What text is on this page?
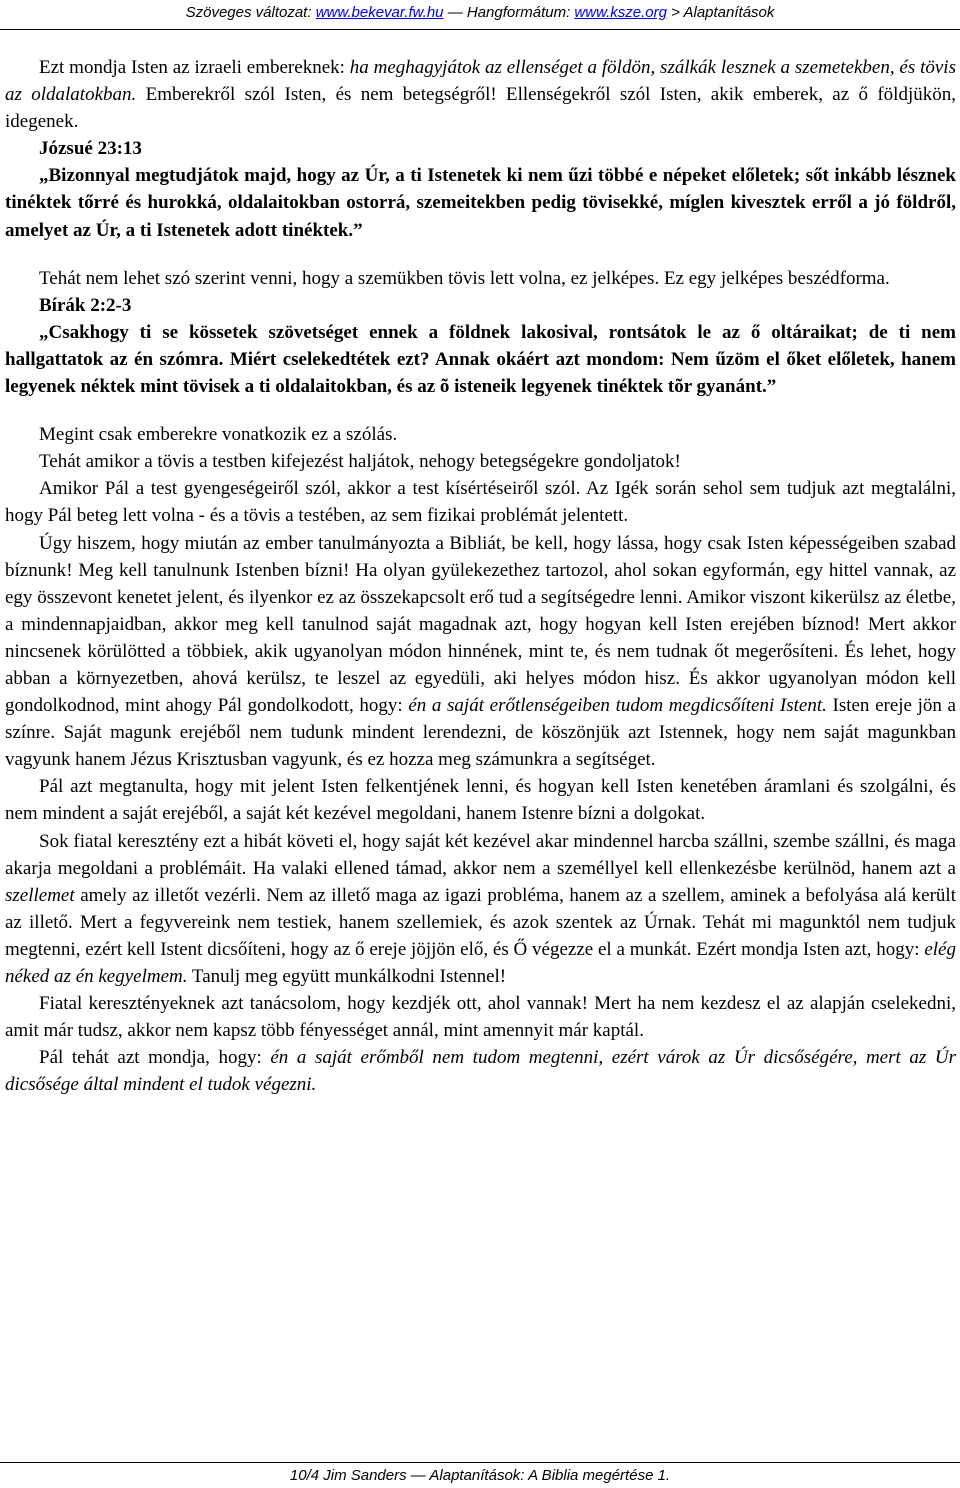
Szöveges változat: www.bekevar.fw.hu — Hangformátum: www.ksze.org > Alaptanítások

Ezt mondja Isten az izraeli embereknek: ha meghagyjátok az ellenséget a földön, szálkák lesznek a szemetekben, és tövis az oldalatokban. Emberekről szól Isten, és nem betegségről! Ellenségekről szól Isten, akik emberek, az ő földjükön, idegenek.

Józsué 23:13

„Bizonnyal megtudjátok majd, hogy az Úr, a ti Istenetek ki nem űzi többé e népeket előletek; sőt inkább lésznek tinéktek tőrré és hurokká, oldalaitokban ostorrá, szemeitekben pedig tövisekké, míglen kivesztek erről a jó földről, amelyet az Úr, a ti Istenetek adott tinéktek.”

Tehát nem lehet szó szerint venni, hogy a szemükben tövis lett volna, ez jelképes. Ez egy jelképes beszédforma.

Bírák 2:2-3

„Csakhogy ti se kössetek szövetséget ennek a földnek lakosival, rontsátok le az ő oltáraikat; de ti nem hallgattatok az én szómra. Miért cselekedtétek ezt? Annak okáért azt mondom: Nem űzöm el őket előletek, hanem legyenek néktek mint tövisek a ti oldalaitokban, és az õ isteneik legyenek tinéktek tõr gyanánt.”

Megint csak emberekre vonatkozik ez a szólás.

Tehát amikor a tövis a testben kifejezést haljátok, nehogy betegségekre gondoljatok!

Amikor Pál a test gyengeségeiről szól, akkor a test kísértéseiről szól. Az Igék során sehol sem tudjuk azt megtalálni, hogy Pál beteg lett volna - és a tövis a testében, az sem fizikai problémát jelentett.

Úgy hiszem, hogy miután az ember tanulmányozta a Bibliát, be kell, hogy lássa, hogy csak Isten képességeiben szabad bíznunk! Meg kell tanulnunk Istenben bízni! Ha olyan gyülekezethez tartozol, ahol sokan egyformán, egy hittel vannak, az egy összevont kenetet jelent, és ilyenkor ez az összekapcsolt erő tud a segítségedre lenni. Amikor viszont kikerülsz az életbe, a mindennapjaidban, akkor meg kell tanulnod saját magadnak azt, hogy hogyan kell Isten erejében bíznod! Mert akkor nincsenek körülötted a többiek, akik ugyanolyan módon hinnének, mint te, és nem tudnak őt megerősíteni. És lehet, hogy abban a környezetben, ahová kerülsz, te leszel az egyedüli, aki helyes módon hisz. És akkor ugyanolyan módon kell gondolkodnod, mint ahogy Pál gondolkodott, hogy: én a saját erőtlenségeiben tudom megdicsőíteni Istent. Isten ereje jön a színre. Saját magunk erejéből nem tudunk mindent lerendezni, de köszönjük azt Istennek, hogy nem saját magunkban vagyunk hanem Jézus Krisztusban vagyunk, és ez hozza meg számunkra a segítséget.

Pál azt megtanulta, hogy mit jelent Isten felkentjének lenni, és hogyan kell Isten kenetében áramlani és szolgálni, és nem mindent a saját erejéből, a saját két kezével megoldani, hanem Istenre bízni a dolgokat.

Sok fiatal keresztény ezt a hibát követi el, hogy saját két kezével akar mindennel harcba szállni, szembe szállni, és maga akarja megoldani a problémáit. Ha valaki ellened támad, akkor nem a személlyel kell ellenkezésbe kerülnöd, hanem azt a szellemet amely az illetőt vezérli. Nem az illető maga az igazi probléma, hanem az a szellem, aminek a befolyása alá került az illető. Mert a fegyvereink nem testiek, hanem szellemiek, és azok szentek az Úrnak. Tehát mi magunktól nem tudjuk megtenni, ezért kell Istent dicsőíteni, hogy az ő ereje jöjjön elő, és Ő végezze el a munkát. Ezért mondja Isten azt, hogy: elég néked az én kegyelmem. Tanulj meg együtt munkálkodni Istennel!

Fiatal keresztényeknek azt tanácsolom, hogy kezdjék ott, ahol vannak! Mert ha nem kezdesz el az alapján cselekedni, amit már tudsz, akkor nem kapsz több fényességet annál, mint amennyit már kaptál.

Pál tehát azt mondja, hogy: én a saját erőmből nem tudom megtenni, ezért várok az Úr dicsőségére, mert az Úr dicsősége által mindent el tudok végezni.

10/4 Jim Sanders — Alaptanítások: A Biblia megértése 1.
